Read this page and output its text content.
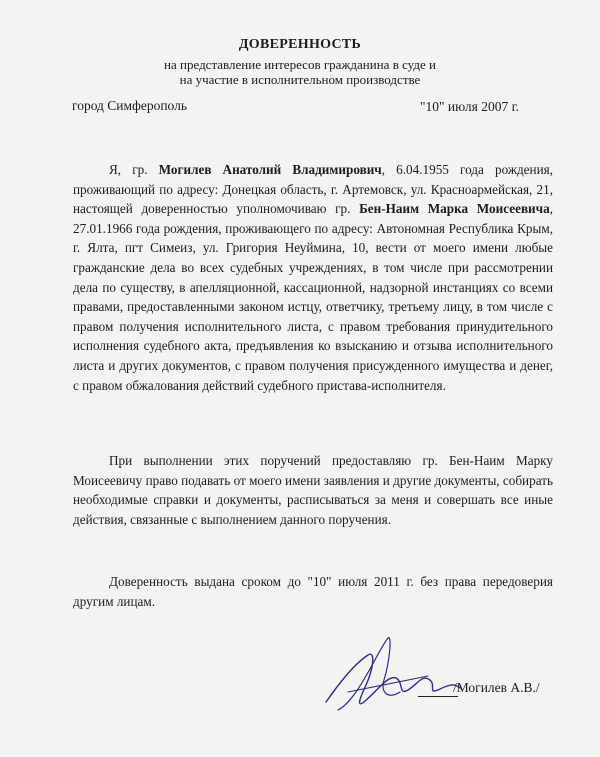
ДОВЕРЕННОСТЬ
на представление интересов гражданина в суде и
на участие в исполнительном производстве
город Симферополь	"10" июля 2007 г.

Я, гр. Могилев Анатолий Владимирович, 6.04.1955 года рождения, проживающий по адресу: Донецкая область, г. Артемовск, ул. Красноармейская, 21, настоящей доверенностью уполномочиваю гр. Бен-Наим Марка Моисеевича, 27.01.1966 года рождения, проживающего по адресу: Автономная Республика Крым, г. Ялта, пгт Симеиз, ул. Григория Неуймина, 10, вести от моего имени любые гражданские дела во всех судебных учреждениях, в том числе при рассмотрении дела по существу, в апелляционной, кассационной, надзорной инстанциях со всеми правами, предоставленными законом истцу, ответчику, третьему лицу, в том числе с правом получения исполнительного листа, с правом требования принудительного исполнения судебного акта, предъявления ко взысканию и отзыва исполнительного листа и других документов, с правом получения присужденного имущества и денег, с правом обжалования действий судебного пристава-исполнителя.

При выполнении этих поручений предоставляю гр. Бен-Наим Марку Моисеевичу право подавать от моего имени заявления и другие документы, собирать необходимые справки и документы, расписываться за меня и совершать все иные действия, связанные с выполнением данного поручения.

Доверенность выдана сроком до "10" июля 2011 г. без права передоверия другим лицам.

/Могилев А.В./
